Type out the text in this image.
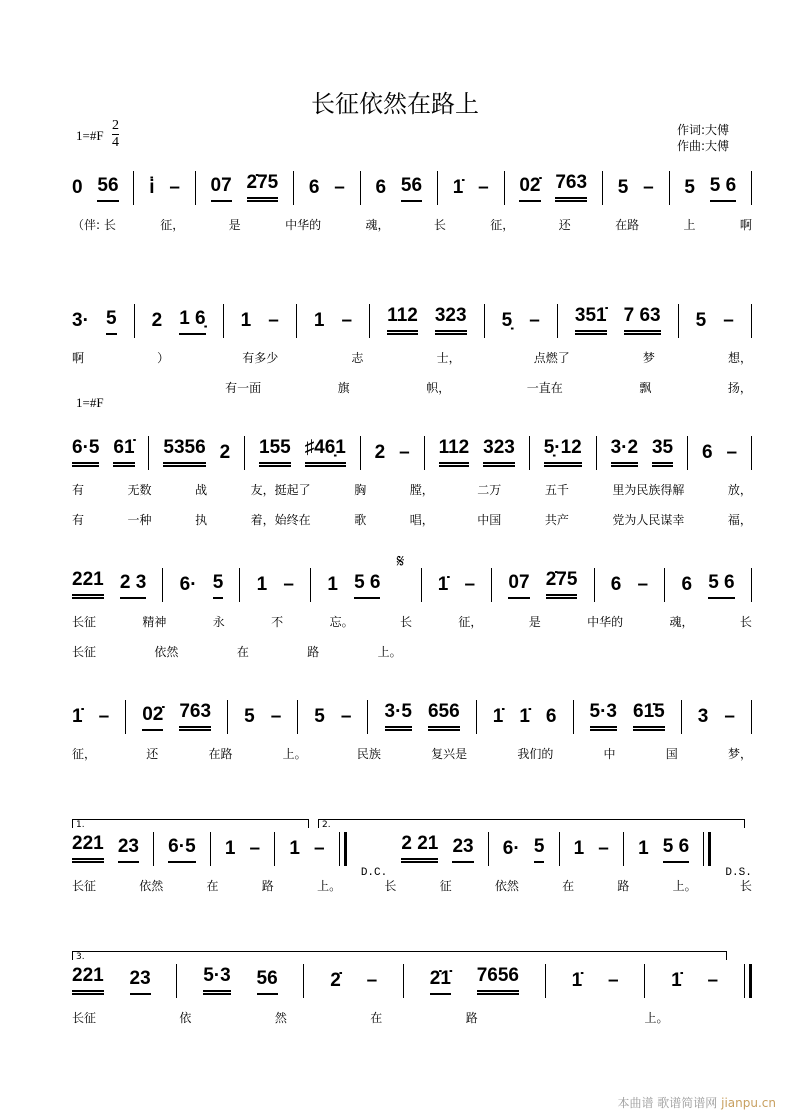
长征依然在路上
1=#F
2
4
作词:大傅
作曲:大傅
1=#F
0 56 i̇ – 07 2̇75 6 – 6 56 1̇ – 02̇ 763 5 – 5 5 6
（伴: 长	征，	是	中华的	魂，	长	征，	还	在路	上	啊
3· 5 2 1 6̣ 1 – 1 – 112 323 5̣ – 351̇ 7 63 5 –
啊	）	有多少	志	士，	点燃了	梦	想，
有一面	旗	帜，	一直在	飘	扬，
6·5 61̇ 5356 2 155 ♯46̣1 2 – 112 323 5̣·12 3·2 35 6 –
有	无数	战	友，挺起了	胸	膛，	二万	五千	里为民族得解	放，
有	一种	执	着，始终在	歌	唱，	中国	共产	党为人民谋幸	福，
221 2 3 6· 5 1 – 1 5 6
𝄋
1̇ – 07 2̇75 6 – 6 5 6
长征	精神	永	不	忘。	长	征，	是	中华的	魂，	长
长征	依然	在	路	上。
1̇ – 02̇ 763 5 – 5 – 3·5 656 1̇ 1̇ 6 5·3 61̇5 3 –
征，	还	在路	上。	民族	复兴是	我们的	中	国	梦，
1.	2.
221 23 6·5 1 – 1 –
D.C.
2 21 23 6· 5 1 – 1 5 6
D.S.
长征	依然	在	路	上。	长	征	依然	在	路	上。	长
3.
221 23	5·3 56	2̇ –	2̇1̇ 7656	1̇ –	1̇ –
长征	依	然	在	路	上。
本曲谱 歌谱简谱网 jianpu.cn
